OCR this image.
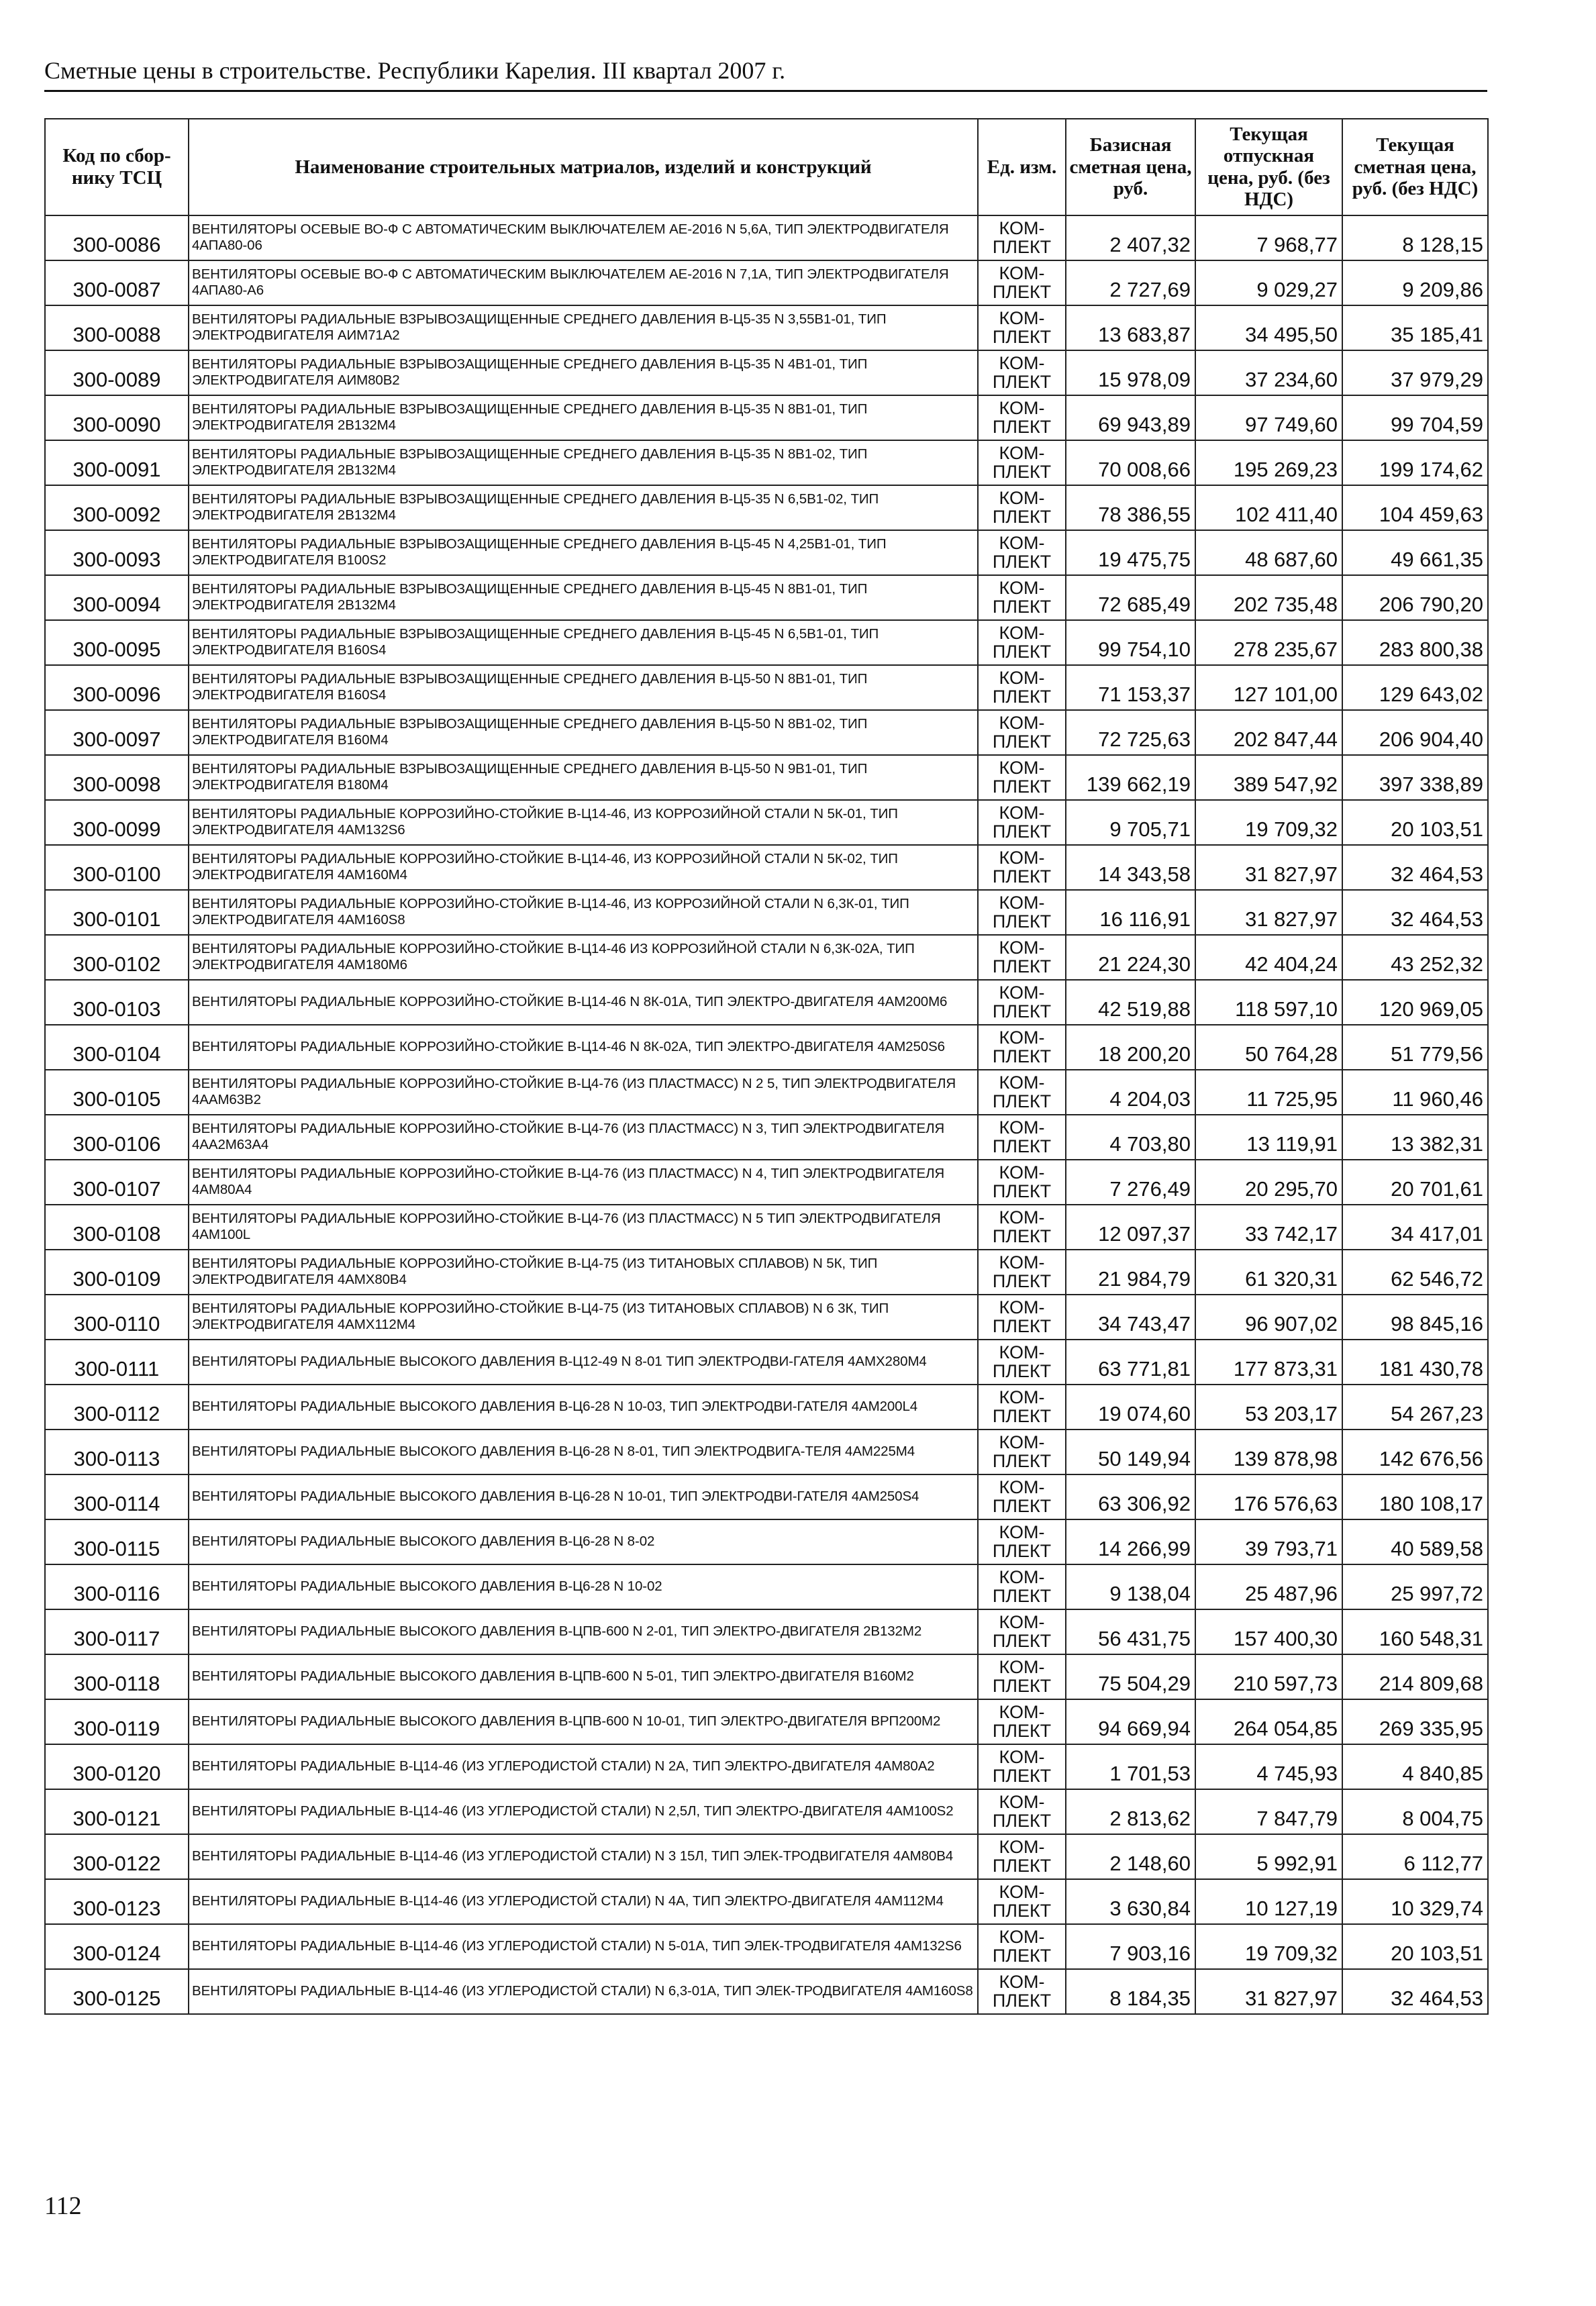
Сметные цены в строительстве. Республики Карелия. III квартал 2007 г.
Код по сбор-нику ТСЦ	Наименование строительных матриалов, изделий и конструкций	Ед. изм.	Базисная сметная цена, руб.	Текущая отпускная цена, руб. (без НДС)	Текущая сметная цена, руб. (без НДС)
300-0086	ВЕНТИЛЯТОРЫ ОСЕВЫЕ ВО-Ф С АВТОМАТИЧЕСКИМ ВЫКЛЮЧАТЕЛЕМ АЕ-2016 N 5,6А, ТИП ЭЛЕКТРОДВИГАТЕЛЯ 4АПА80-06	КОМ-
ПЛЕКТ	2 407,32	7 968,77	8 128,15
300-0087	ВЕНТИЛЯТОРЫ ОСЕВЫЕ ВО-Ф С АВТОМАТИЧЕСКИМ ВЫКЛЮЧАТЕЛЕМ АЕ-2016 N 7,1А, ТИП ЭЛЕКТРОДВИГАТЕЛЯ 4АПА80-А6	КОМ-
ПЛЕКТ	2 727,69	9 029,27	9 209,86
300-0088	ВЕНТИЛЯТОРЫ РАДИАЛЬНЫЕ ВЗРЫВОЗАЩИЩЕННЫЕ СРЕДНЕГО ДАВЛЕНИЯ В-Ц5-35 N 3,55В1-01, ТИП ЭЛЕКТРОДВИГАТЕЛЯ АИМ71А2	КОМ-
ПЛЕКТ	13 683,87	34 495,50	35 185,41
300-0089	ВЕНТИЛЯТОРЫ РАДИАЛЬНЫЕ ВЗРЫВОЗАЩИЩЕННЫЕ СРЕДНЕГО ДАВЛЕНИЯ В-Ц5-35 N 4В1-01, ТИП ЭЛЕКТРОДВИГАТЕЛЯ АИМ80В2	КОМ-
ПЛЕКТ	15 978,09	37 234,60	37 979,29
300-0090	ВЕНТИЛЯТОРЫ РАДИАЛЬНЫЕ ВЗРЫВОЗАЩИЩЕННЫЕ СРЕДНЕГО ДАВЛЕНИЯ В-Ц5-35 N 8В1-01, ТИП ЭЛЕКТРОДВИГАТЕЛЯ 2В132М4	КОМ-
ПЛЕКТ	69 943,89	97 749,60	99 704,59
300-0091	ВЕНТИЛЯТОРЫ РАДИАЛЬНЫЕ ВЗРЫВОЗАЩИЩЕННЫЕ СРЕДНЕГО ДАВЛЕНИЯ В-Ц5-35 N 8В1-02, ТИП ЭЛЕКТРОДВИГАТЕЛЯ 2В132М4	КОМ-
ПЛЕКТ	70 008,66	195 269,23	199 174,62
300-0092	ВЕНТИЛЯТОРЫ РАДИАЛЬНЫЕ ВЗРЫВОЗАЩИЩЕННЫЕ СРЕДНЕГО ДАВЛЕНИЯ В-Ц5-35 N 6,5В1-02, ТИП ЭЛЕКТРОДВИГАТЕЛЯ 2В132М4	КОМ-
ПЛЕКТ	78 386,55	102 411,40	104 459,63
300-0093	ВЕНТИЛЯТОРЫ РАДИАЛЬНЫЕ ВЗРЫВОЗАЩИЩЕННЫЕ СРЕДНЕГО ДАВЛЕНИЯ В-Ц5-45 N 4,25В1-01, ТИП ЭЛЕКТРОДВИГАТЕЛЯ В100S2	КОМ-
ПЛЕКТ	19 475,75	48 687,60	49 661,35
300-0094	ВЕНТИЛЯТОРЫ РАДИАЛЬНЫЕ ВЗРЫВОЗАЩИЩЕННЫЕ СРЕДНЕГО ДАВЛЕНИЯ В-Ц5-45 N 8В1-01, ТИП ЭЛЕКТРОДВИГАТЕЛЯ 2В132М4	КОМ-
ПЛЕКТ	72 685,49	202 735,48	206 790,20
300-0095	ВЕНТИЛЯТОРЫ РАДИАЛЬНЫЕ ВЗРЫВОЗАЩИЩЕННЫЕ СРЕДНЕГО ДАВЛЕНИЯ В-Ц5-45 N 6,5В1-01, ТИП ЭЛЕКТРОДВИГАТЕЛЯ В160S4	КОМ-
ПЛЕКТ	99 754,10	278 235,67	283 800,38
300-0096	ВЕНТИЛЯТОРЫ РАДИАЛЬНЫЕ ВЗРЫВОЗАЩИЩЕННЫЕ СРЕДНЕГО ДАВЛЕНИЯ В-Ц5-50 N 8В1-01, ТИП ЭЛЕКТРОДВИГАТЕЛЯ В160S4	КОМ-
ПЛЕКТ	71 153,37	127 101,00	129 643,02
300-0097	ВЕНТИЛЯТОРЫ РАДИАЛЬНЫЕ ВЗРЫВОЗАЩИЩЕННЫЕ СРЕДНЕГО ДАВЛЕНИЯ В-Ц5-50 N 8В1-02, ТИП ЭЛЕКТРОДВИГАТЕЛЯ В160М4	КОМ-
ПЛЕКТ	72 725,63	202 847,44	206 904,40
300-0098	ВЕНТИЛЯТОРЫ РАДИАЛЬНЫЕ ВЗРЫВОЗАЩИЩЕННЫЕ СРЕДНЕГО ДАВЛЕНИЯ В-Ц5-50 N 9В1-01, ТИП ЭЛЕКТРОДВИГАТЕЛЯ В180М4	КОМ-
ПЛЕКТ	139 662,19	389 547,92	397 338,89
300-0099	ВЕНТИЛЯТОРЫ РАДИАЛЬНЫЕ КОРРОЗИЙНО-СТОЙКИЕ В-Ц14-46, ИЗ КОРРОЗИЙНОЙ СТАЛИ N 5К-01, ТИП ЭЛЕКТРОДВИГАТЕЛЯ 4АМ132S6	КОМ-
ПЛЕКТ	9 705,71	19 709,32	20 103,51
300-0100	ВЕНТИЛЯТОРЫ РАДИАЛЬНЫЕ КОРРОЗИЙНО-СТОЙКИЕ В-Ц14-46, ИЗ КОРРОЗИЙНОЙ СТАЛИ N 5К-02, ТИП ЭЛЕКТРОДВИГАТЕЛЯ 4АМ160М4	КОМ-
ПЛЕКТ	14 343,58	31 827,97	32 464,53
300-0101	ВЕНТИЛЯТОРЫ РАДИАЛЬНЫЕ КОРРОЗИЙНО-СТОЙКИЕ В-Ц14-46, ИЗ КОРРОЗИЙНОЙ СТАЛИ N 6,3К-01, ТИП ЭЛЕКТРОДВИГАТЕЛЯ 4АМ160S8	КОМ-
ПЛЕКТ	16 116,91	31 827,97	32 464,53
300-0102	ВЕНТИЛЯТОРЫ РАДИАЛЬНЫЕ КОРРОЗИЙНО-СТОЙКИЕ В-Ц14-46 ИЗ КОРРОЗИЙНОЙ СТАЛИ N 6,3К-02А, ТИП ЭЛЕКТРОДВИГАТЕЛЯ 4АМ180М6	КОМ-
ПЛЕКТ	21 224,30	42 404,24	43 252,32
300-0103	ВЕНТИЛЯТОРЫ РАДИАЛЬНЫЕ КОРРОЗИЙНО-СТОЙКИЕ В-Ц14-46 N 8К-01А, ТИП ЭЛЕКТРО-ДВИГАТЕЛЯ 4АМ200М6	КОМ-
ПЛЕКТ	42 519,88	118 597,10	120 969,05
300-0104	ВЕНТИЛЯТОРЫ РАДИАЛЬНЫЕ КОРРОЗИЙНО-СТОЙКИЕ В-Ц14-46 N 8К-02А, ТИП ЭЛЕКТРО-ДВИГАТЕЛЯ 4АМ250S6	КОМ-
ПЛЕКТ	18 200,20	50 764,28	51 779,56
300-0105	ВЕНТИЛЯТОРЫ РАДИАЛЬНЫЕ КОРРОЗИЙНО-СТОЙКИЕ В-Ц4-76 (ИЗ ПЛАСТМАСС) N 2 5, ТИП ЭЛЕКТРОДВИГАТЕЛЯ 4ААМ63В2	КОМ-
ПЛЕКТ	4 204,03	11 725,95	11 960,46
300-0106	ВЕНТИЛЯТОРЫ РАДИАЛЬНЫЕ КОРРОЗИЙНО-СТОЙКИЕ В-Ц4-76 (ИЗ ПЛАСТМАСС) N 3, ТИП ЭЛЕКТРОДВИГАТЕЛЯ 4АА2М63А4	КОМ-
ПЛЕКТ	4 703,80	13 119,91	13 382,31
300-0107	ВЕНТИЛЯТОРЫ РАДИАЛЬНЫЕ КОРРОЗИЙНО-СТОЙКИЕ В-Ц4-76 (ИЗ ПЛАСТМАСС) N 4, ТИП ЭЛЕКТРОДВИГАТЕЛЯ 4АМ80А4	КОМ-
ПЛЕКТ	7 276,49	20 295,70	20 701,61
300-0108	ВЕНТИЛЯТОРЫ РАДИАЛЬНЫЕ КОРРОЗИЙНО-СТОЙКИЕ В-Ц4-76 (ИЗ ПЛАСТМАСС) N 5 ТИП ЭЛЕКТРОДВИГАТЕЛЯ 4АМ100L	КОМ-
ПЛЕКТ	12 097,37	33 742,17	34 417,01
300-0109	ВЕНТИЛЯТОРЫ РАДИАЛЬНЫЕ КОРРОЗИЙНО-СТОЙКИЕ В-Ц4-75 (ИЗ ТИТАНОВЫХ СПЛАВОВ) N 5К, ТИП ЭЛЕКТРОДВИГАТЕЛЯ 4АМХ80В4	КОМ-
ПЛЕКТ	21 984,79	61 320,31	62 546,72
300-0110	ВЕНТИЛЯТОРЫ РАДИАЛЬНЫЕ КОРРОЗИЙНО-СТОЙКИЕ В-Ц4-75 (ИЗ ТИТАНОВЫХ СПЛАВОВ) N 6 3К, ТИП ЭЛЕКТРОДВИГАТЕЛЯ 4АМХ112М4	КОМ-
ПЛЕКТ	34 743,47	96 907,02	98 845,16
300-0111	ВЕНТИЛЯТОРЫ РАДИАЛЬНЫЕ ВЫСОКОГО ДАВЛЕНИЯ В-Ц12-49 N 8-01 ТИП ЭЛЕКТРОДВИ-ГАТЕЛЯ 4АМХ280М4	КОМ-
ПЛЕКТ	63 771,81	177 873,31	181 430,78
300-0112	ВЕНТИЛЯТОРЫ РАДИАЛЬНЫЕ ВЫСОКОГО ДАВЛЕНИЯ В-Ц6-28 N 10-03, ТИП ЭЛЕКТРОДВИ-ГАТЕЛЯ 4АМ200L4	КОМ-
ПЛЕКТ	19 074,60	53 203,17	54 267,23
300-0113	ВЕНТИЛЯТОРЫ РАДИАЛЬНЫЕ ВЫСОКОГО ДАВЛЕНИЯ В-Ц6-28 N 8-01, ТИП ЭЛЕКТРОДВИГА-ТЕЛЯ 4АМ225М4	КОМ-
ПЛЕКТ	50 149,94	139 878,98	142 676,56
300-0114	ВЕНТИЛЯТОРЫ РАДИАЛЬНЫЕ ВЫСОКОГО ДАВЛЕНИЯ В-Ц6-28 N 10-01, ТИП ЭЛЕКТРОДВИ-ГАТЕЛЯ 4АМ250S4	КОМ-
ПЛЕКТ	63 306,92	176 576,63	180 108,17
300-0115	ВЕНТИЛЯТОРЫ РАДИАЛЬНЫЕ ВЫСОКОГО ДАВЛЕНИЯ В-Ц6-28 N 8-02	КОМ-
ПЛЕКТ	14 266,99	39 793,71	40 589,58
300-0116	ВЕНТИЛЯТОРЫ РАДИАЛЬНЫЕ ВЫСОКОГО ДАВЛЕНИЯ В-Ц6-28 N 10-02	КОМ-
ПЛЕКТ	9 138,04	25 487,96	25 997,72
300-0117	ВЕНТИЛЯТОРЫ РАДИАЛЬНЫЕ ВЫСОКОГО ДАВЛЕНИЯ В-ЦПВ-600 N 2-01, ТИП ЭЛЕКТРО-ДВИГАТЕЛЯ 2В132М2	КОМ-
ПЛЕКТ	56 431,75	157 400,30	160 548,31
300-0118	ВЕНТИЛЯТОРЫ РАДИАЛЬНЫЕ ВЫСОКОГО ДАВЛЕНИЯ В-ЦПВ-600 N 5-01, ТИП ЭЛЕКТРО-ДВИГАТЕЛЯ В160М2	КОМ-
ПЛЕКТ	75 504,29	210 597,73	214 809,68
300-0119	ВЕНТИЛЯТОРЫ РАДИАЛЬНЫЕ ВЫСОКОГО ДАВЛЕНИЯ В-ЦПВ-600 N 10-01, ТИП ЭЛЕКТРО-ДВИГАТЕЛЯ ВРП200М2	КОМ-
ПЛЕКТ	94 669,94	264 054,85	269 335,95
300-0120	ВЕНТИЛЯТОРЫ РАДИАЛЬНЫЕ В-Ц14-46 (ИЗ УГЛЕРОДИСТОЙ СТАЛИ) N 2А, ТИП ЭЛЕКТРО-ДВИГАТЕЛЯ 4АМ80А2	КОМ-
ПЛЕКТ	1 701,53	4 745,93	4 840,85
300-0121	ВЕНТИЛЯТОРЫ РАДИАЛЬНЫЕ В-Ц14-46 (ИЗ УГЛЕРОДИСТОЙ СТАЛИ) N 2,5Л, ТИП ЭЛЕКТРО-ДВИГАТЕЛЯ 4АМ100S2	КОМ-
ПЛЕКТ	2 813,62	7 847,79	8 004,75
300-0122	ВЕНТИЛЯТОРЫ РАДИАЛЬНЫЕ В-Ц14-46 (ИЗ УГЛЕРОДИСТОЙ СТАЛИ) N 3 15Л, ТИП ЭЛЕК-ТРОДВИГАТЕЛЯ 4АМ80В4	КОМ-
ПЛЕКТ	2 148,60	5 992,91	6 112,77
300-0123	ВЕНТИЛЯТОРЫ РАДИАЛЬНЫЕ В-Ц14-46 (ИЗ УГЛЕРОДИСТОЙ СТАЛИ) N 4А, ТИП ЭЛЕКТРО-ДВИГАТЕЛЯ 4АМ112М4	КОМ-
ПЛЕКТ	3 630,84	10 127,19	10 329,74
300-0124	ВЕНТИЛЯТОРЫ РАДИАЛЬНЫЕ В-Ц14-46 (ИЗ УГЛЕРОДИСТОЙ СТАЛИ) N 5-01А, ТИП ЭЛЕК-ТРОДВИГАТЕЛЯ 4АМ132S6	КОМ-
ПЛЕКТ	7 903,16	19 709,32	20 103,51
300-0125	ВЕНТИЛЯТОРЫ РАДИАЛЬНЫЕ В-Ц14-46 (ИЗ УГЛЕРОДИСТОЙ СТАЛИ) N 6,3-01А, ТИП ЭЛЕК-ТРОДВИГАТЕЛЯ 4АМ160S8	КОМ-
ПЛЕКТ	8 184,35	31 827,97	32 464,53
112
